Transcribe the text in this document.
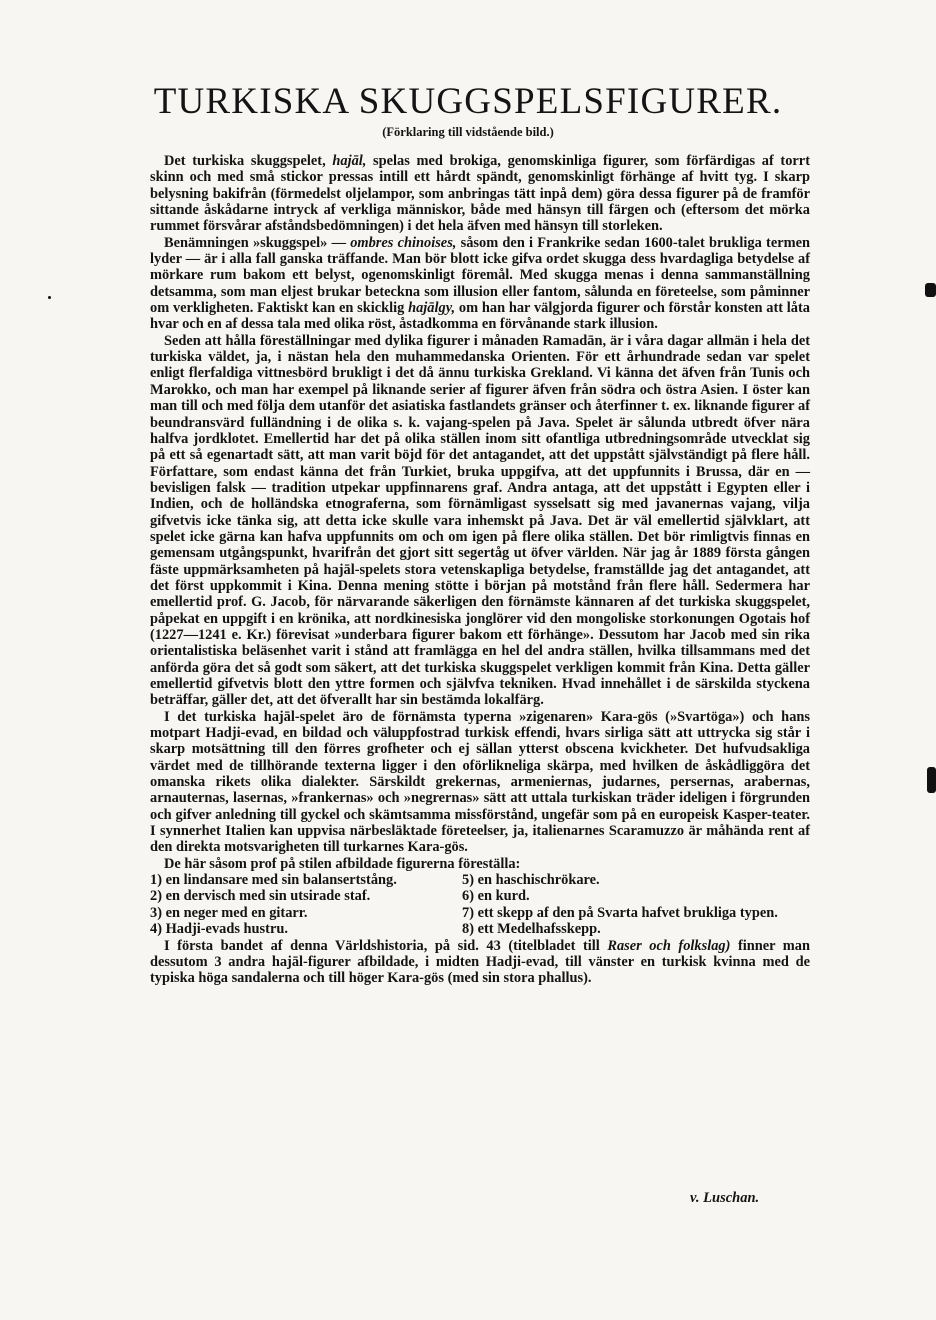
TURKISKA SKUGGSPELSFIGURER.
(Förklaring till vidstående bild.)

Det turkiska skuggspelet, hajāl, spelas med brokiga, genomskinliga figurer, som förfärdigas af torrt skinn och med små stickor pressas intill ett hårdt spändt, genomskinligt förhänge af hvitt tyg. I skarp belysning bakifrån (förmedelst oljelampor, som anbringas tätt inpå dem) göra dessa figurer på de framför sittande åskådarne intryck af verkliga människor, både med hänsyn till färgen och (eftersom det mörka rummet försvårar afståndsbedömningen) i det hela äfven med hänsyn till storleken.

Benämningen »skuggspel» — ombres chinoises, såsom den i Frankrike sedan 1600-talet brukliga termen lyder — är i alla fall ganska träffande. Man bör blott icke gifva ordet skugga dess hvardagliga betydelse af mörkare rum bakom ett belyst, ogenomskinligt föremål. Med skugga menas i denna sammanställning detsamma, som man eljest brukar beteckna som illusion eller fantom, sålunda en företeelse, som påminner om verkligheten. Faktiskt kan en skicklig hajālgy, om han har välgjorda figurer och förstår konsten att låta hvar och en af dessa tala med olika röst, åstadkomma en förvånande stark illusion.

Seden att hålla föreställningar med dylika figurer i månaden Ramadān, är i våra dagar allmän i hela det turkiska väldet, ja, i nästan hela den muhammedanska Orienten. För ett århundrade sedan var spelet enligt flerfaldiga vittnesbörd brukligt i det då ännu turkiska Grekland. Vi känna det äfven från Tunis och Marokko, och man har exempel på liknande serier af figurer äfven från södra och östra Asien. I öster kan man till och med följa dem utanför det asiatiska fastlandets gränser och återfinner t. ex. liknande figurer af beundransvärd fulländning i de olika s. k. vajang-spelen på Java. Spelet är sålunda utbredt öfver nära halfva jordklotet. Emellertid har det på olika ställen inom sitt ofantliga utbredningsområde utvecklat sig på ett så egenartadt sätt, att man varit böjd för det antagandet, att det uppstått självständigt på flere håll. Författare, som endast känna det från Turkiet, bruka uppgifva, att det uppfunnits i Brussa, där en — bevisligen falsk — tradition utpekar uppfinnarens graf. Andra antaga, att det uppstått i Egypten eller i Indien, och de holländska etnograferna, som förnämligast sysselsatt sig med javanernas vajang, vilja gifvetvis icke tänka sig, att detta icke skulle vara inhemskt på Java. Det är väl emellertid självklart, att spelet icke gärna kan hafva uppfunnits om och om igen på flere olika ställen. Det bör rimligtvis finnas en gemensam utgångspunkt, hvarifrån det gjort sitt segertåg ut öfver världen. När jag år 1889 första gången fäste uppmärksamheten på hajāl-spelets stora vetenskapliga betydelse, framställde jag det antagandet, att det först uppkommit i Kina. Denna mening stötte i början på motstånd från flere håll. Sedermera har emellertid prof. G. Jacob, för närvarande säkerligen den förnämste kännaren af det turkiska skuggspelet, påpekat en uppgift i en krönika, att nordkinesiska jonglörer vid den mongoliske storkonungen Ogotais hof (1227—1241 e. Kr.) förevisat »underbara figurer bakom ett förhänge». Dessutom har Jacob med sin rika orientalistiska beläsenhet varit i stånd att framlägga en hel del andra ställen, hvilka tillsammans med det anförda göra det så godt som säkert, att det turkiska skuggspelet verkligen kommit från Kina. Detta gäller emellertid gifvetvis blott den yttre formen och självfva tekniken. Hvad innehållet i de särskilda styckena beträffar, gäller det, att det öfverallt har sin bestämda lokalfärg.

I det turkiska hajāl-spelet äro de förnämsta typerna »zigenaren» Kara-gös (»Svartöga») och hans motpart Hadji-evad, en bildad och väluppfostrad turkisk effendi, hvars sirliga sätt att uttrycka sig står i skarp motsättning till den förres grofheter och ej sällan ytterst obscena kvickheter. Det hufvudsakliga värdet med de tillhörande texterna ligger i den oförlikneliga skärpa, med hvilken de åskådliggöra det omanska rikets olika dialekter. Särskildt grekernas, armeniernas, judarnes, persernas, arabernas, arnauternas, lasernas, »frankernas» och »negrernas» sätt att uttala turkiskan träder ideligen i förgrunden och gifver anledning till gyckel och skämtsamma missförstånd, ungefär som på en europeisk Kasper-teater. I synnerhet Italien kan uppvisa närbesläktade företeelser, ja, italienarnes Scaramuzzo är måhända rent af den direkta motsvarigheten till turkarnes Kara-gös.

De här såsom prof på stilen afbildade figurerna föreställa:

1) en lindansare med sin balansertstång.	5) en haschischrökare.
2) en dervisch med sin utsirade staf.	6) en kurd.
3) en neger med en gitarr.	7) ett skepp af den på Svarta hafvet brukliga typen.
4) Hadji-evads hustru.	8) ett Medelhafsskepp.

I första bandet af denna Världshistoria, på sid. 43 (titelbladet till Raser och folkslag) finner man dessutom 3 andra hajāl-figurer afbildade, i midten Hadji-evad, till vänster en turkisk kvinna med de typiska höga sandalerna och till höger Kara-gös (med sin stora phallus).

v. Luschan.
